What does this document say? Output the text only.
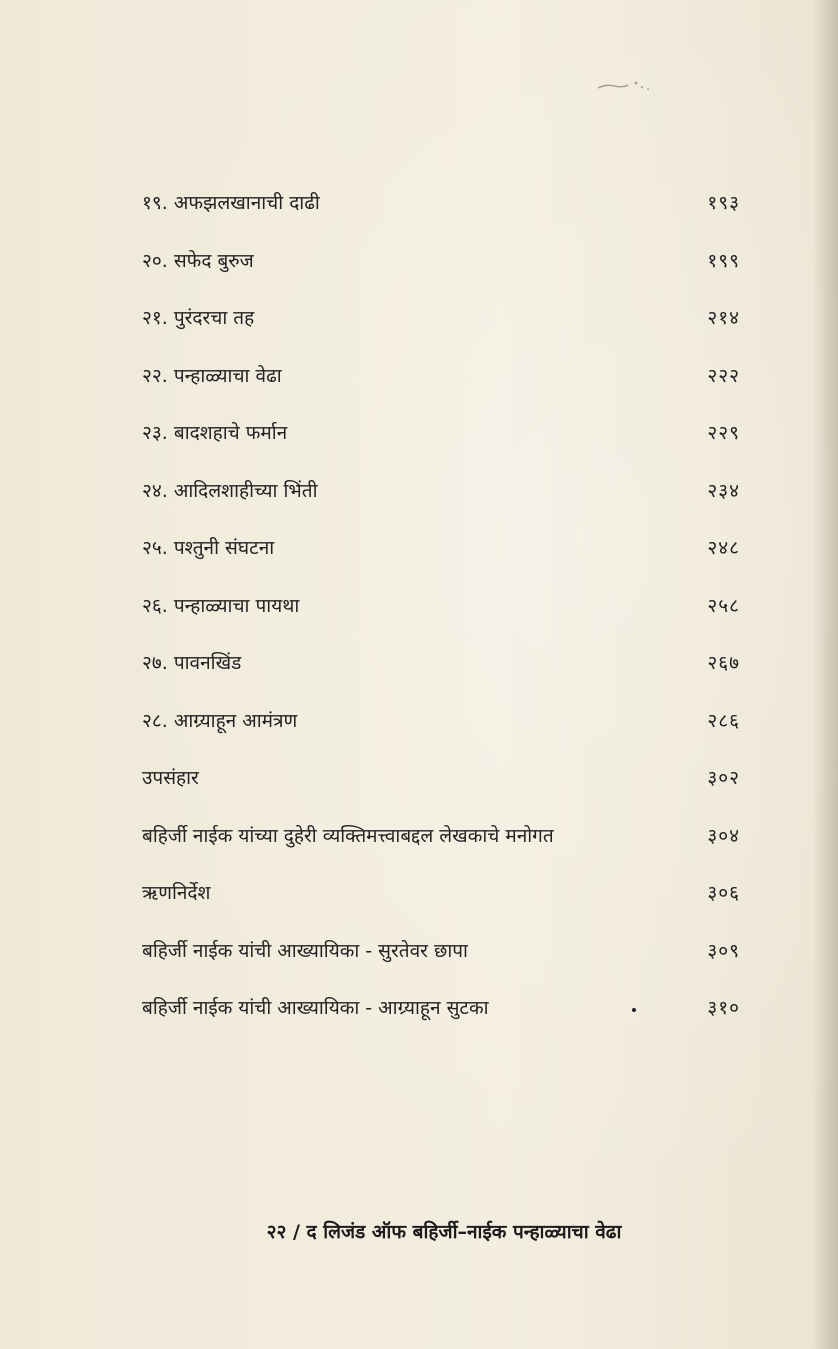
१९. अफझलखानाची दाढी	१९३
२०. सफेद बुरुज	१९९
२१. पुरंदरचा तह	२१४
२२. पन्हाळ्याचा वेढा	२२२
२३. बादशहाचे फर्मान	२२९
२४. आदिलशाहीच्या भिंती	२३४
२५. पश्तुनी संघटना	२४८
२६. पन्हाळ्याचा पायथा	२५८
२७. पावनखिंड	२६७
२८. आग्र्याहून आमंत्रण	२८६
उपसंहार	३०२
बहिर्जी नाईक यांच्या दुहेरी व्यक्तिमत्त्वाबद्दल लेखकाचे मनोगत	३०४
ऋणनिर्देश	३०६
बहिर्जी नाईक यांची आख्यायिका - सुरतेवर छापा	३०९
बहिर्जी नाईक यांची आख्यायिका - आग्र्याहून सुटका	३१०
२२ / द लिजंड ऑफ बहिर्जी–नाईक पन्हाळ्याचा वेढा
